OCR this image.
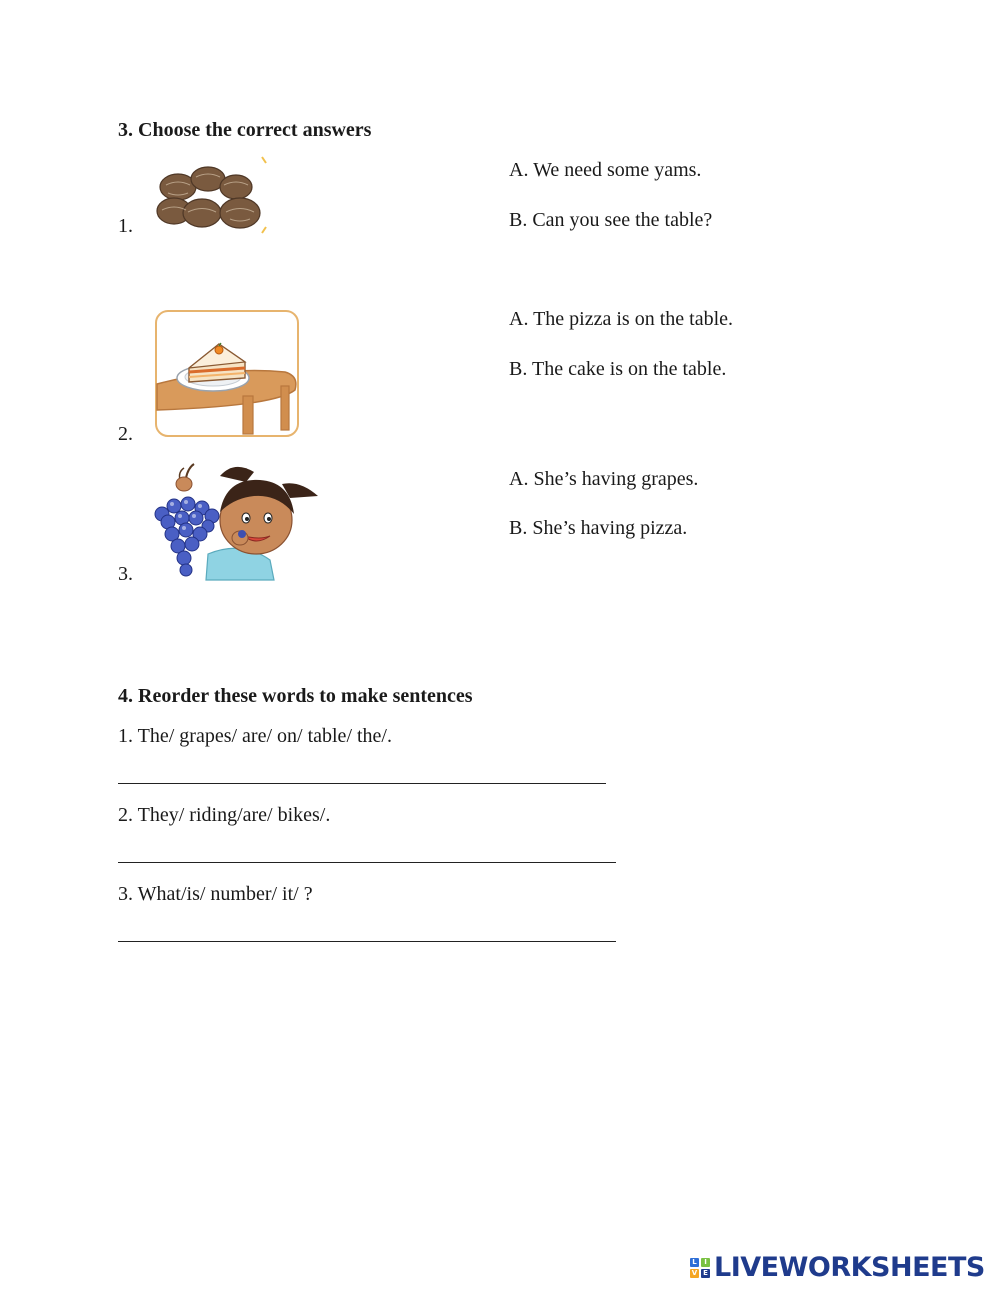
3. Choose the correct answers
1.
A. We need some yams.
B. Can you see the table?
2.
A. The pizza is on the table.
B. The cake is on the table.
3.
A. She’s having grapes.
B. She’s having pizza.
4. Reorder these words to make sentences
1. The/ grapes/ are/ on/ table/ the/.
2. They/ riding/are/ bikes/.
3. What/is/ number/ it/ ?
L	I
V E LIVEWORKSHEETS
